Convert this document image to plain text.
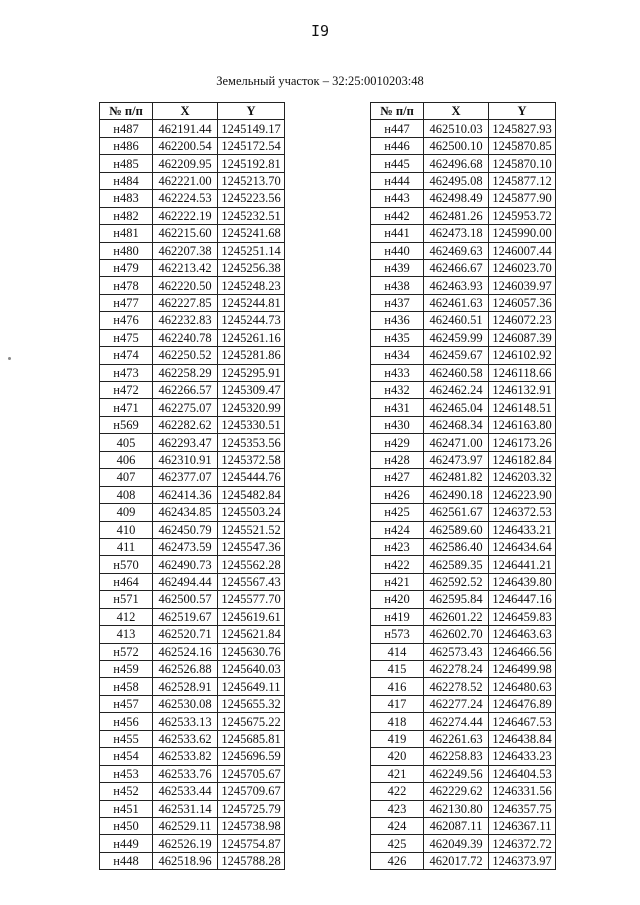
I9
Земельный участок – 32:25:0010203:48
№ п/п	X	Y
н487	462191.44	1245149.17
н486	462200.54	1245172.54
н485	462209.95	1245192.81
н484	462221.00	1245213.70
н483	462224.53	1245223.56
н482	462222.19	1245232.51
н481	462215.60	1245241.68
н480	462207.38	1245251.14
н479	462213.42	1245256.38
н478	462220.50	1245248.23
н477	462227.85	1245244.81
н476	462232.83	1245244.73
н475	462240.78	1245261.16
н474	462250.52	1245281.86
н473	462258.29	1245295.91
н472	462266.57	1245309.47
н471	462275.07	1245320.99
н569	462282.62	1245330.51
405	462293.47	1245353.56
406	462310.91	1245372.58
407	462377.07	1245444.76
408	462414.36	1245482.84
409	462434.85	1245503.24
410	462450.79	1245521.52
411	462473.59	1245547.36
н570	462490.73	1245562.28
н464	462494.44	1245567.43
н571	462500.57	1245577.70
412	462519.67	1245619.61
413	462520.71	1245621.84
н572	462524.16	1245630.76
н459	462526.88	1245640.03
н458	462528.91	1245649.11
н457	462530.08	1245655.32
н456	462533.13	1245675.22
н455	462533.62	1245685.81
н454	462533.82	1245696.59
н453	462533.76	1245705.67
н452	462533.44	1245709.67
н451	462531.14	1245725.79
н450	462529.11	1245738.98
н449	462526.19	1245754.87
н448	462518.96	1245788.28
№ п/п	X	Y
н447	462510.03	1245827.93
н446	462500.10	1245870.85
н445	462496.68	1245870.10
н444	462495.08	1245877.12
н443	462498.49	1245877.90
н442	462481.26	1245953.72
н441	462473.18	1245990.00
н440	462469.63	1246007.44
н439	462466.67	1246023.70
н438	462463.93	1246039.97
н437	462461.63	1246057.36
н436	462460.51	1246072.23
н435	462459.99	1246087.39
н434	462459.67	1246102.92
н433	462460.58	1246118.66
н432	462462.24	1246132.91
н431	462465.04	1246148.51
н430	462468.34	1246163.80
н429	462471.00	1246173.26
н428	462473.97	1246182.84
н427	462481.82	1246203.32
н426	462490.18	1246223.90
н425	462561.67	1246372.53
н424	462589.60	1246433.21
н423	462586.40	1246434.64
н422	462589.35	1246441.21
н421	462592.52	1246439.80
н420	462595.84	1246447.16
н419	462601.22	1246459.83
н573	462602.70	1246463.63
414	462573.43	1246466.56
415	462278.24	1246499.98
416	462278.52	1246480.63
417	462277.24	1246476.89
418	462274.44	1246467.53
419	462261.63	1246438.84
420	462258.83	1246433.23
421	462249.56	1246404.53
422	462229.62	1246331.56
423	462130.80	1246357.75
424	462087.11	1246367.11
425	462049.39	1246372.72
426	462017.72	1246373.97
